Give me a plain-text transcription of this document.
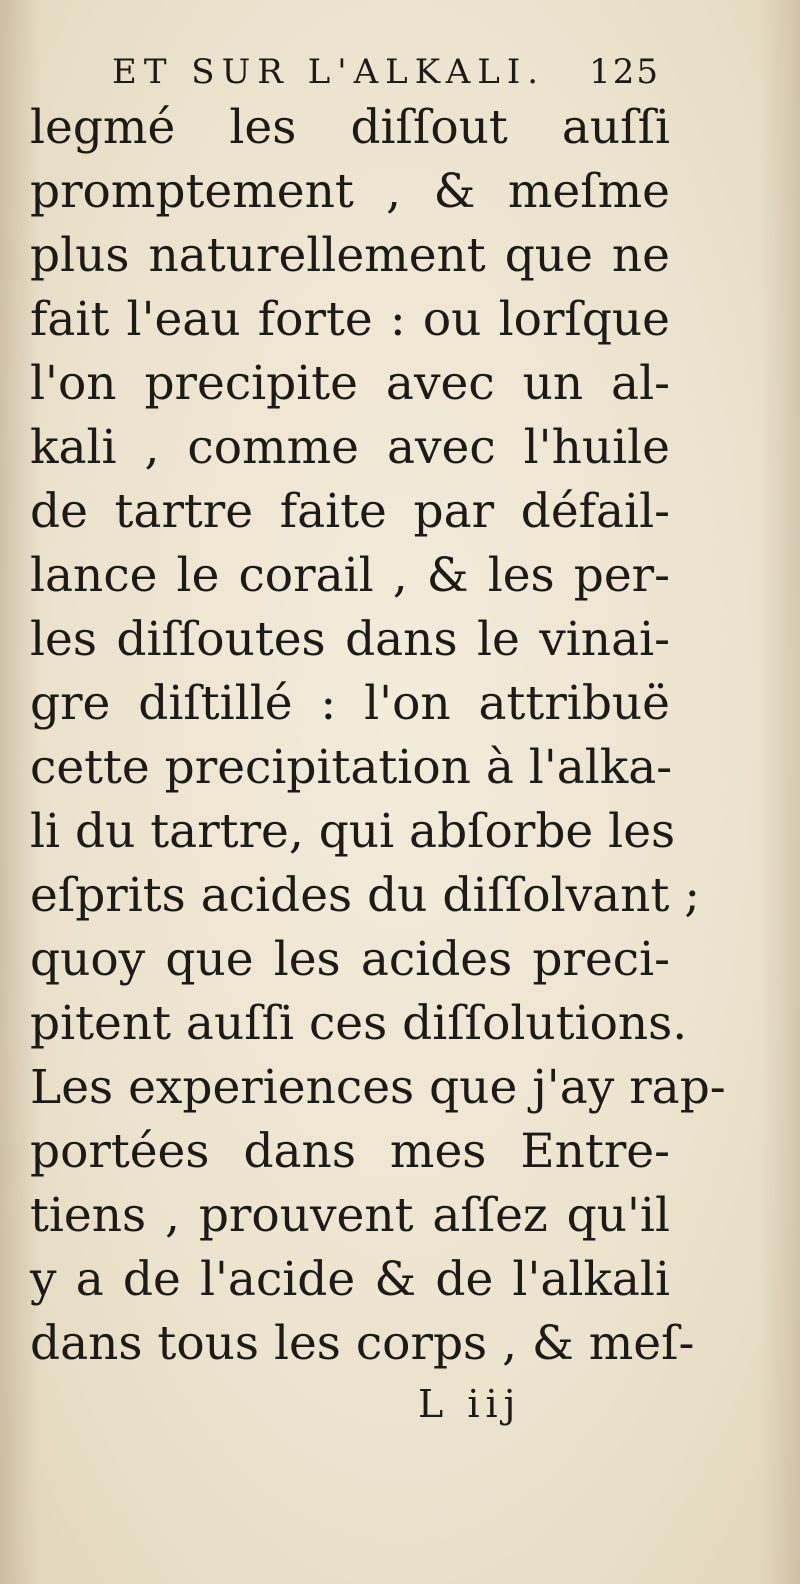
ET SUR L'ALKALI. 125
legmé les diſſout auſſi
promptement , & meſme
plus naturellement que ne
fait l'eau forte : ou lorſque
l'on precipite avec un al-
kali , comme avec l'huile
de tartre faite par défail-
lance le corail , & les per-
les diſſoutes dans le vinai-
gre diſtillé : l'on attribuë
cette precipitation à l'alka-
li du tartre, qui abſorbe les
eſprits acides du diſſolvant ;
quoy que les acides preci-
pitent auſſi ces diſſolutions.
Les experiences que j'ay rap-
portées dans mes Entre-
tiens , prouvent aſſez qu'il
y a de l'acide & de l'alkali
dans tous les corps , & meſ-
L iij
